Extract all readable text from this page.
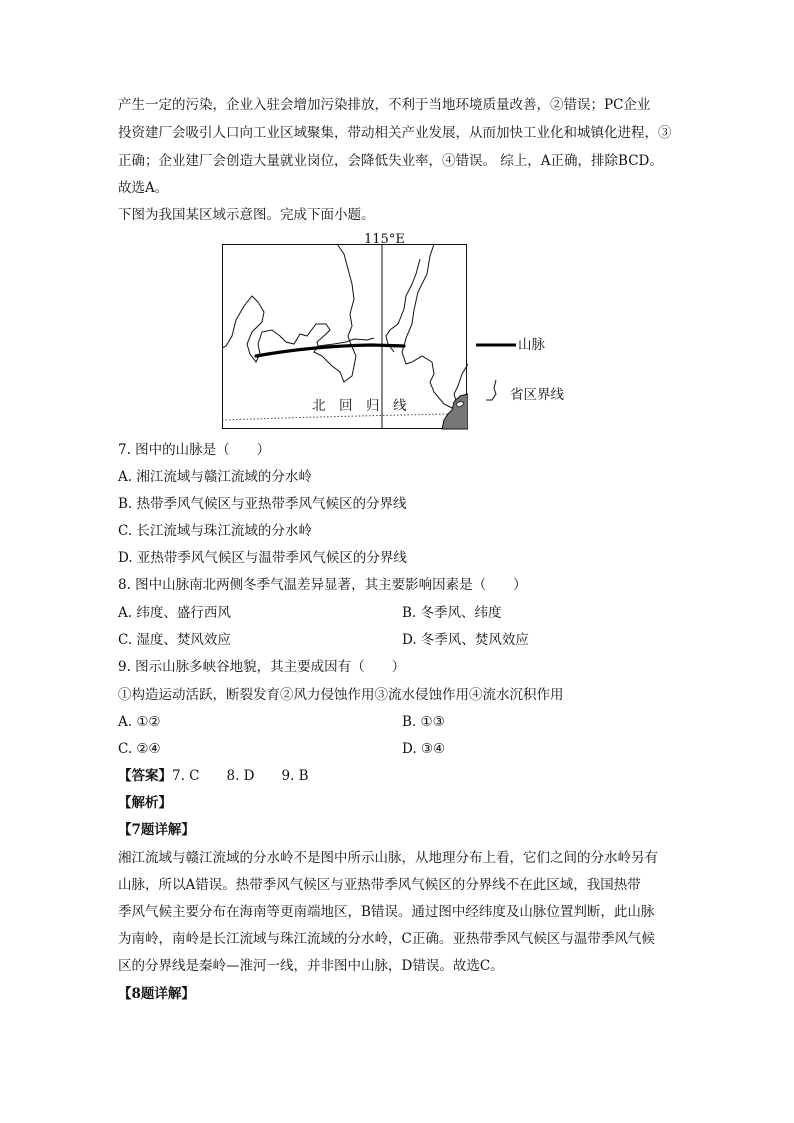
产生一定的污染，企业入驻会增加污染排放，不利于当地环境质量改善，②错误；PC企业
投资建厂会吸引人口向工业区域聚集，带动相关产业发展，从而加快工业化和城镇化进程，③
正确；企业建厂会创造大量就业岗位，会降低失业率，④错误。 综上，A正确，排除BCD。
故选A。
下图为我国某区域示意图。完成下面小题。
115°E
北　回　归　线
山脉
省区界线
7. 图中的山脉是（　　）
A. 湘江流域与赣江流域的分水岭
B. 热带季风气候区与亚热带季风气候区的分界线
C. 长江流域与珠江流域的分水岭
D. 亚热带季风气候区与温带季风气候区的分界线
8. 图中山脉南北两侧冬季气温差异显著，其主要影响因素是（　　）
A. 纬度、盛行西风	B. 冬季风、纬度
C. 湿度、焚风效应	D. 冬季风、焚风效应
9. 图示山脉多峡谷地貌，其主要成因有（　　）
①构造运动活跃，断裂发育②风力侵蚀作用③流水侵蚀作用④流水沉积作用
A. ①②	B. ①③
C. ②④	D. ③④
【答案】7. C　　8. D　　9. B
【解析】
【7题详解】
湘江流域与赣江流域的分水岭不是图中所示山脉，从地理分布上看，它们之间的分水岭另有
山脉，所以A错误。热带季风气候区与亚热带季风气候区的分界线不在此区域，我国热带
季风气候主要分布在海南等更南端地区，B错误。通过图中经纬度及山脉位置判断，此山脉
为南岭，南岭是长江流域与珠江流域的分水岭，C正确。亚热带季风气候区与温带季风气候
区的分界线是秦岭—淮河一线，并非图中山脉，D错误。故选C。
【8题详解】
